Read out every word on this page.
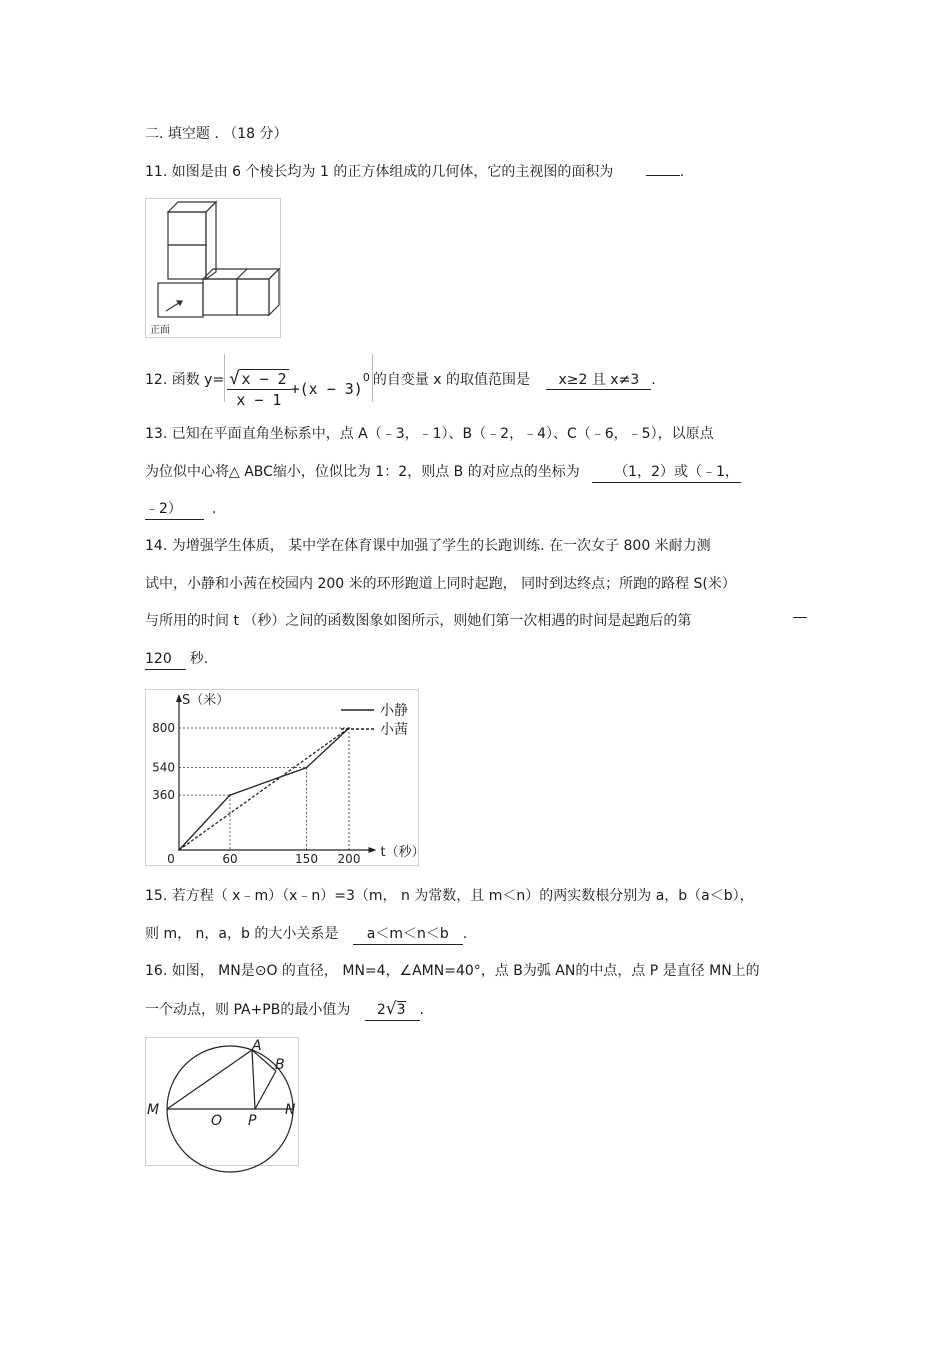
二. 填空题 . （18 分）
11. 如图是由 6 个棱长均为 1 的正方体组成的几何体，它的主视图的面积为	.
正面
12. 函数 $y= \frac{√ x - 2}{x - 1} +(x - 3)^0$ 的自变量 x 的取值范围是 x≥2 且 x≠3 .
13. 已知在平面直角坐标系中，点 A（﹣3，﹣1）、B（﹣2，﹣4）、C（﹣6，﹣5），以原点
为位似中心将△ ABC缩小，位似比为 1：2，则点 B 的对应点的坐标为 （1，2）或（﹣1，
﹣2） .
14. 为增强学生体质， 某中学在体育课中加强了学生的长跑训练. 在一次女子 800 米耐力测
试中，小静和小茜在校园内 200 米的环形跑道上同时起跑， 同时到达终点；所跑的路程 S(米）
与所用的时间 t （秒）之间的函数图象如图所示，则她们第一次相遇的时间是起跑后的第
120 秒.
S（米）
t（秒）
360
540
800
0	60	150 200
小静
小茜
15. 若方程（ x﹣m）（x﹣n）=3（m， n 为常数，且 m＜n）的两实数根分别为 a，b（a＜b），
则 m， n，a，b 的大小关系是 a＜m＜n＜b .
16. 如图， MN是⊙O 的直径， MN=4，∠AMN=40°，点 B为弧 AN的中点，点 P 是直径 MN上的
一个动点，则 PA+PB的最小值为 2√3 .
A
B
M	N
O P
